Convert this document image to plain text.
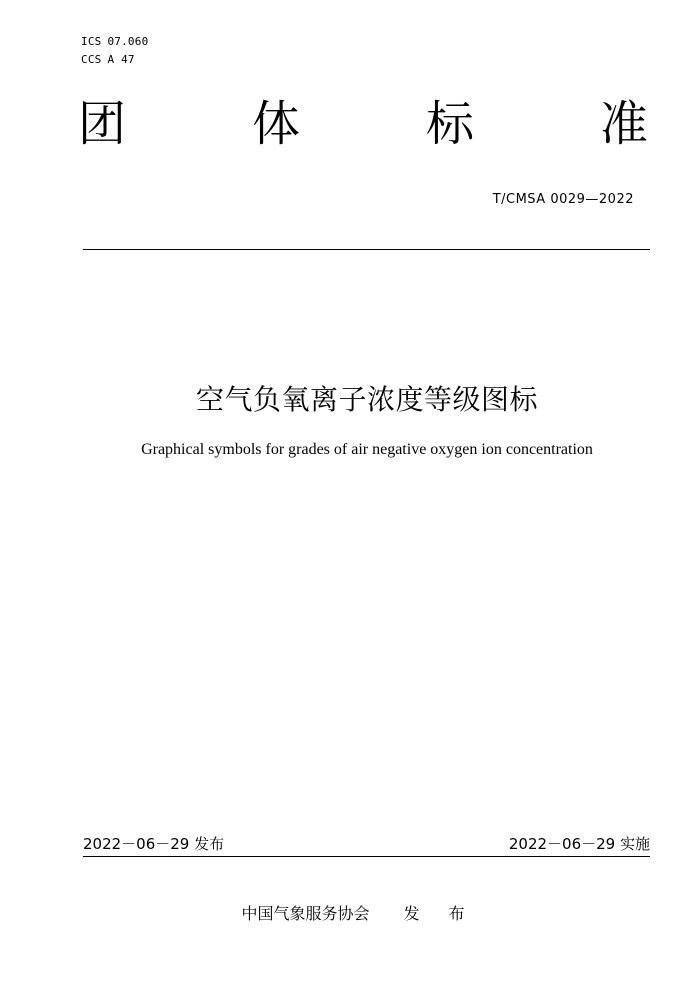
ICS 07.060
CCS A 47
团	体	标	准
T/CMSA 0029—2022
空气负氧离子浓度等级图标
Graphical symbols for grades of air negative oxygen ion concentration
2022－06－29 发布	2022－06－29 实施
中国气象服务协会 发 布
